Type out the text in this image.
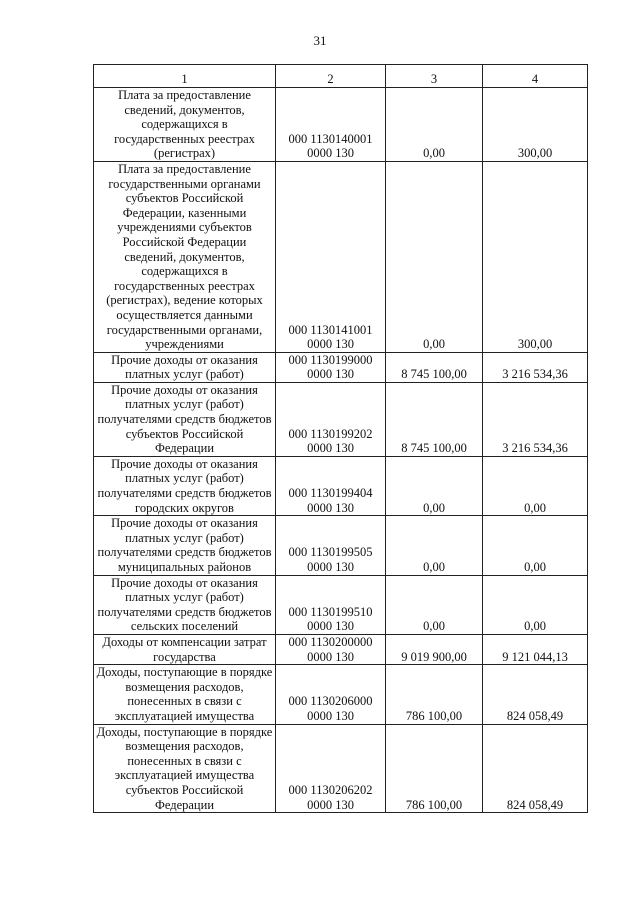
31
1	2	3	4
Плата за предоставление сведений, документов, содержащихся в государственных реестрах (регистрах)	000 1130140001 0000 130	0,00	300,00
Плата за предоставление государственными органами субъектов Российской Федерации, казенными учреждениями субъектов Российской Федерации сведений, документов, содержащихся в государственных реестрах (регистрах), ведение которых осуществляется данными государственными органами, учреждениями	000 1130141001 0000 130	0,00	300,00
Прочие доходы от оказания платных услуг (работ)	000 1130199000 0000 130	8 745 100,00	3 216 534,36
Прочие доходы от оказания платных услуг (работ) получателями средств бюджетов субъектов Российской Федерации	000 1130199202 0000 130	8 745 100,00	3 216 534,36
Прочие доходы от оказания платных услуг (работ) получателями средств бюджетов городских округов	000 1130199404 0000 130	0,00	0,00
Прочие доходы от оказания платных услуг (работ) получателями средств бюджетов муниципальных районов	000 1130199505 0000 130	0,00	0,00
Прочие доходы от оказания платных услуг (работ) получателями средств бюджетов сельских поселений	000 1130199510 0000 130	0,00	0,00
Доходы от компенсации затрат государства	000 1130200000 0000 130	9 019 900,00	9 121 044,13
Доходы, поступающие в порядке возмещения расходов, понесенных в связи с эксплуатацией имущества	000 1130206000 0000 130	786 100,00	824 058,49
Доходы, поступающие в порядке возмещения расходов, понесенных в связи с эксплуатацией имущества субъектов Российской Федерации	000 1130206202 0000 130	786 100,00	824 058,49
